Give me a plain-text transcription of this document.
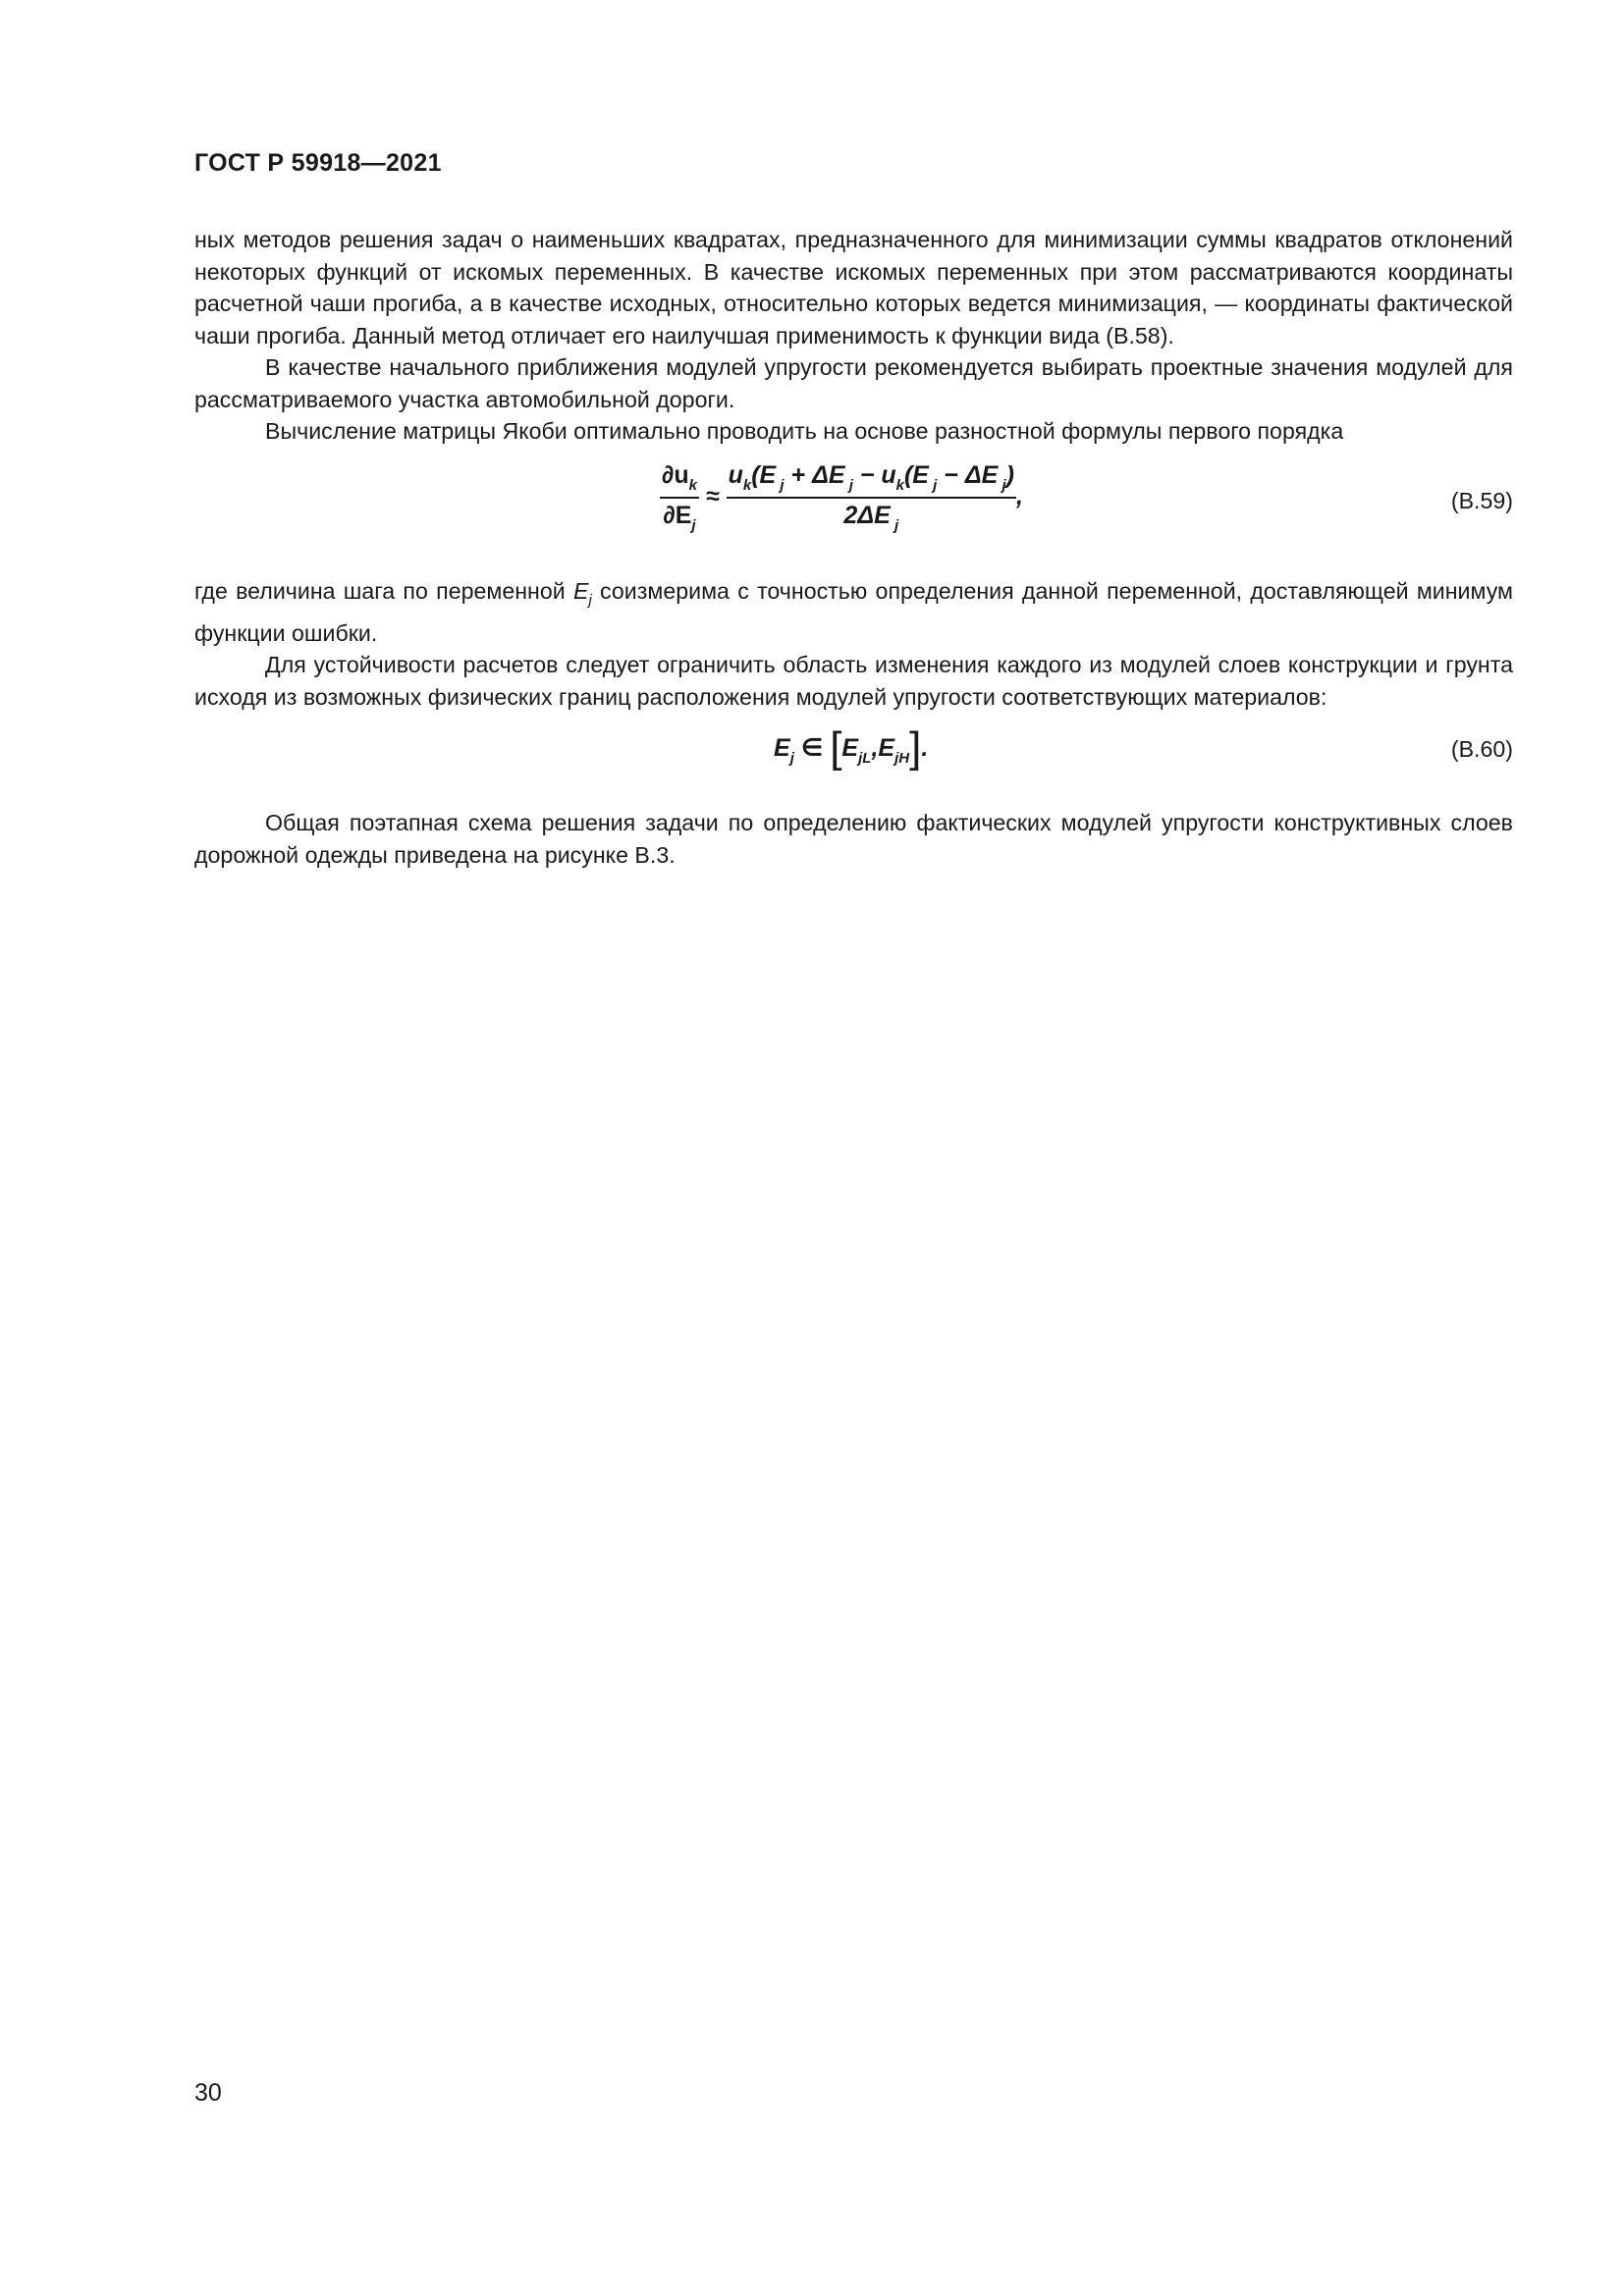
ГОСТ Р 59918—2021

ных методов решения задач о наименьших квадратах, предназначенного для минимизации суммы квадратов отклонений некоторых функций от искомых переменных. В качестве искомых переменных при этом рассматриваются координаты расчетной чаши прогиба, а в качестве исходных, относительно которых ведется минимизация, — координаты фактической чаши прогиба. Данный метод отличает его наилучшая применимость к функции вида (В.58).

В качестве начального приближения модулей упругости рекомендуется выбирать проектные значения модулей для рассматриваемого участка автомобильной дороги.

Вычисление матрицы Якоби оптимально проводить на основе разностной формулы первого порядка

$\frac{\partial u_k}{\partial E_j} \approx \frac{u_k(E _j + \Delta E _j - u_k(E _j - \Delta E _j)}{2\Delta E _j}$ ,	(В.59)

где величина шага по переменной $E_j$ соизмерима с точностью определения данной переменной, доставляющей минимум функции ошибки.

Для устойчивости расчетов следует ограничить область изменения каждого из модулей слоев конструкции и грунта исходя из возможных физических границ расположения модулей упругости соответствующих материалов:

$E_j$ ∈ $[E_{jL},E_{jH}]$.	(В.60)

Общая поэтапная схема решения задачи по определению фактических модулей упругости конструктивных слоев дорожной одежды приведена на рисунке В.3.

30
